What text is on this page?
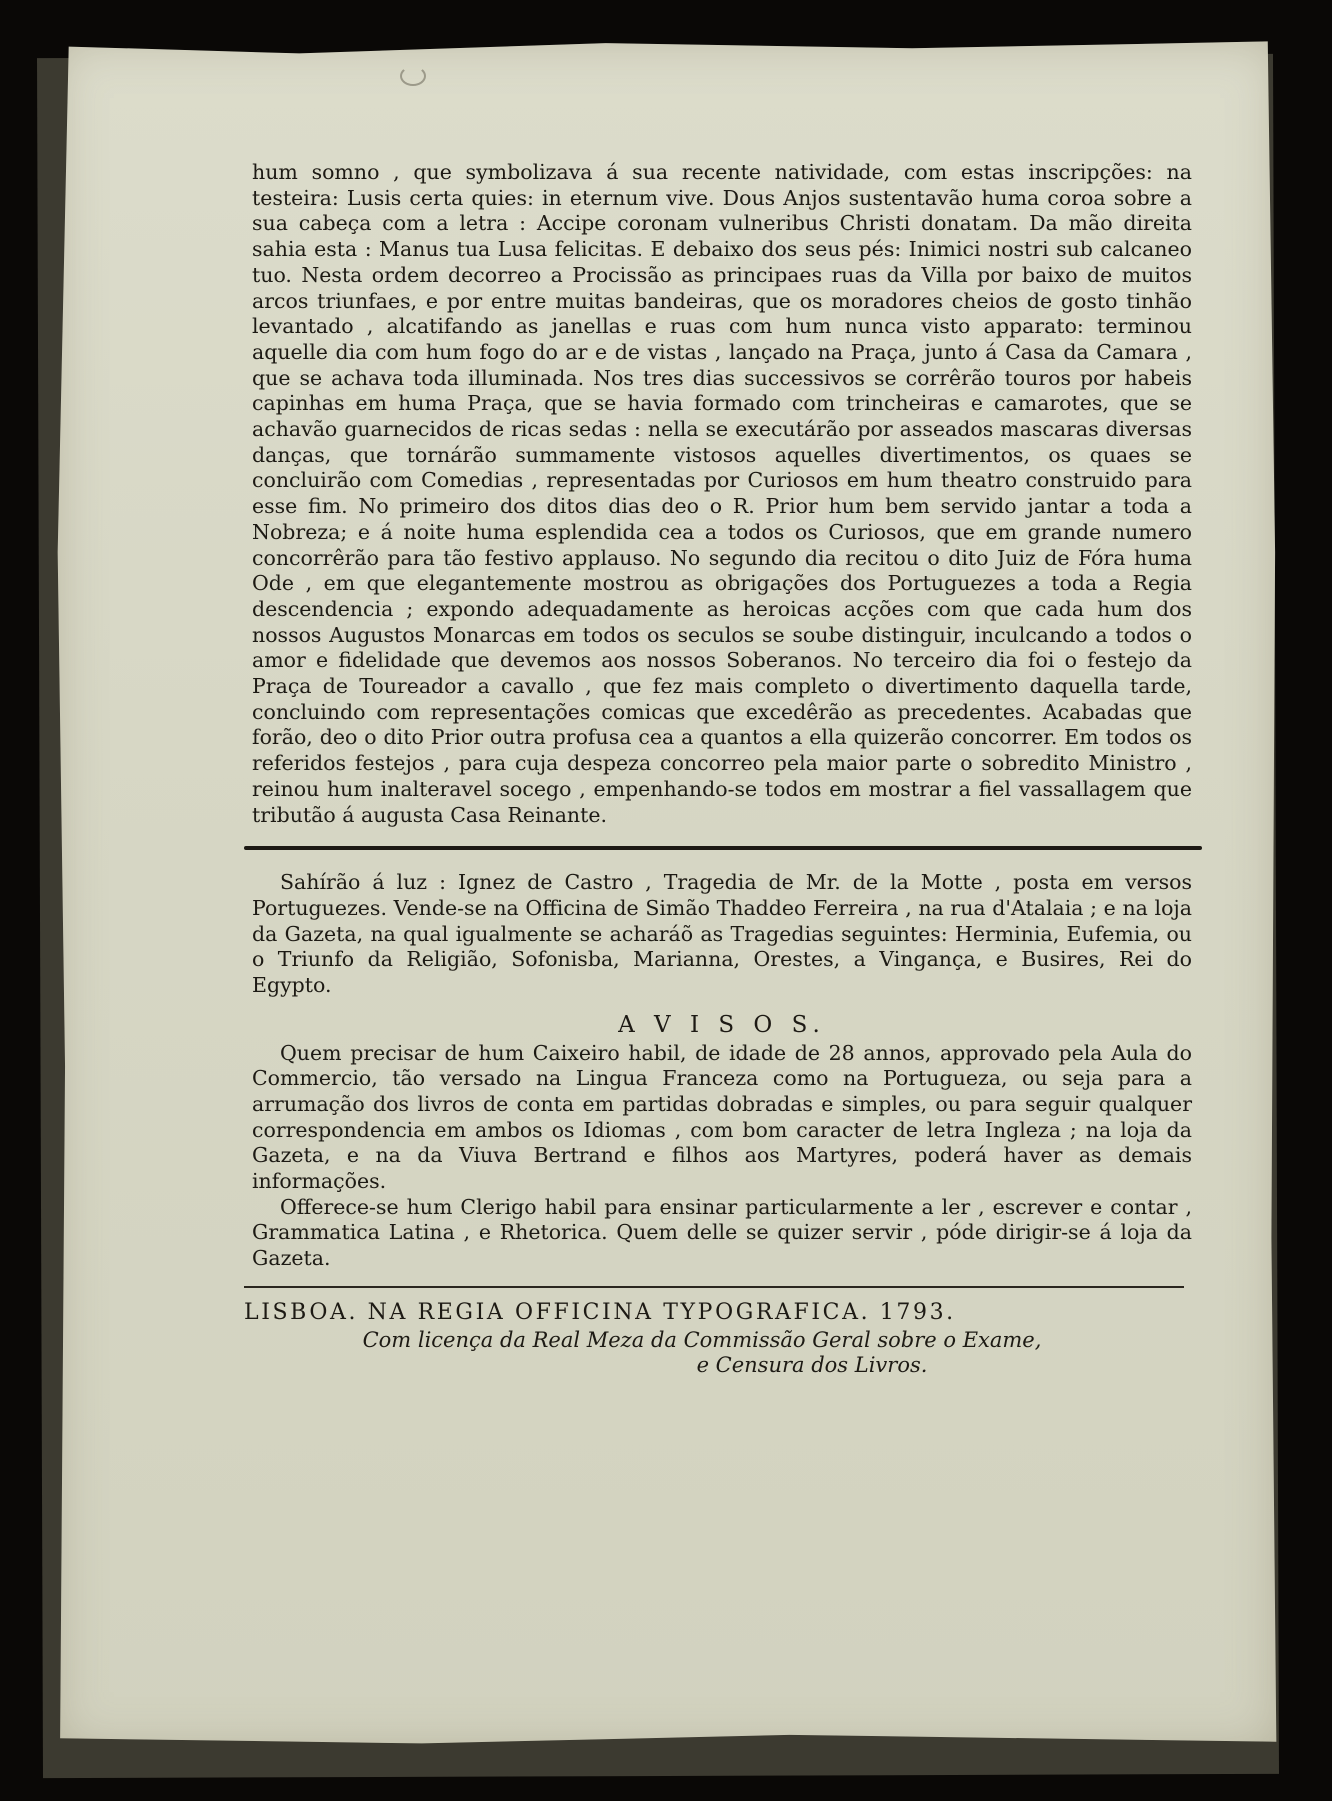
hum somno , que symbolizava á sua recente natividade, com estas inscripções: na testeira: Lusis certa quies: in eternum vive. Dous Anjos sustentavão huma coroa sobre a sua cabeça com a letra : Accipe coronam vulneribus Christi donatam. Da mão direita sahia esta : Manus tua Lusa felicitas. E debaixo dos seus pés: Inimici nostri sub calcaneo tuo. Nesta ordem decorreo a Procissão as principaes ruas da Villa por baixo de muitos arcos triunfaes, e por entre muitas bandeiras, que os moradores cheios de gosto tinhão levantado , alcatifando as janellas e ruas com hum nunca visto apparato: terminou aquelle dia com hum fogo do ar e de vistas , lançado na Praça, junto á Casa da Camara , que se achava toda illuminada. Nos tres dias successivos se corrêrão touros por habeis capinhas em huma Praça, que se havia formado com trincheiras e camarotes, que se achavão guarnecidos de ricas sedas : nella se executárão por asseados mascaras diversas danças, que tornárão summamente vistosos aquelles divertimentos, os quaes se concluirão com Comedias , representadas por Curiosos em hum theatro construido para esse fim. No primeiro dos ditos dias deo o R. Prior hum bem servido jantar a toda a Nobreza; e á noite huma esplendida cea a todos os Curiosos, que em grande numero concorrêrão para tão festivo applauso. No segundo dia recitou o dito Juiz de Fóra huma Ode , em que elegantemente mostrou as obrigações dos Portuguezes a toda a Regia descendencia ; expondo adequadamente as heroicas acções com que cada hum dos nossos Augustos Monarcas em todos os seculos se soube distinguir, inculcando a todos o amor e fidelidade que devemos aos nossos Soberanos. No terceiro dia foi o festejo da Praça de Toureador a cavallo , que fez mais completo o divertimento daquella tarde, concluindo com representações comicas que excedêrão as precedentes. Acabadas que forão, deo o dito Prior outra profusa cea a quantos a ella quizerão concorrer. Em todos os referidos festejos , para cuja despeza concorreo pela maior parte o sobredito Ministro , reinou hum inalteravel socego , empenhando-se todos em mostrar a fiel vassallagem que tributão á augusta Casa Reinante.

Sahírão á luz : Ignez de Castro , Tragedia de Mr. de la Motte , posta em versos Portuguezes. Vende-se na Officina de Simão Thaddeo Ferreira , na rua d'Atalaia ; e na loja da Gazeta, na qual igualmente se acharáõ as Tragedias seguintes: Herminia, Eufemia, ou o Triunfo da Religião, Sofonisba, Marianna, Orestes, a Vingança, e Busires, Rei do Egypto.

A V I S O S.

Quem precisar de hum Caixeiro habil, de idade de 28 annos, approvado pela Aula do Commercio, tão versado na Lingua Franceza como na Portugueza, ou seja para a arrumação dos livros de conta em partidas dobradas e simples, ou para seguir qualquer correspondencia em ambos os Idiomas , com bom caracter de letra Ingleza ; na loja da Gazeta, e na da Viuva Bertrand e filhos aos Martyres, poderá haver as demais informações.

Offerece-se hum Clerigo habil para ensinar particularmente a ler , escrever e contar , Grammatica Latina , e Rhetorica. Quem delle se quizer servir , póde dirigir-se á loja da Gazeta.

LISBOA. NA REGIA OFFICINA TYPOGRAFICA. 1793.
Com licença da Real Meza da Commissão Geral sobre o Exame,
e Censura dos Livros.
